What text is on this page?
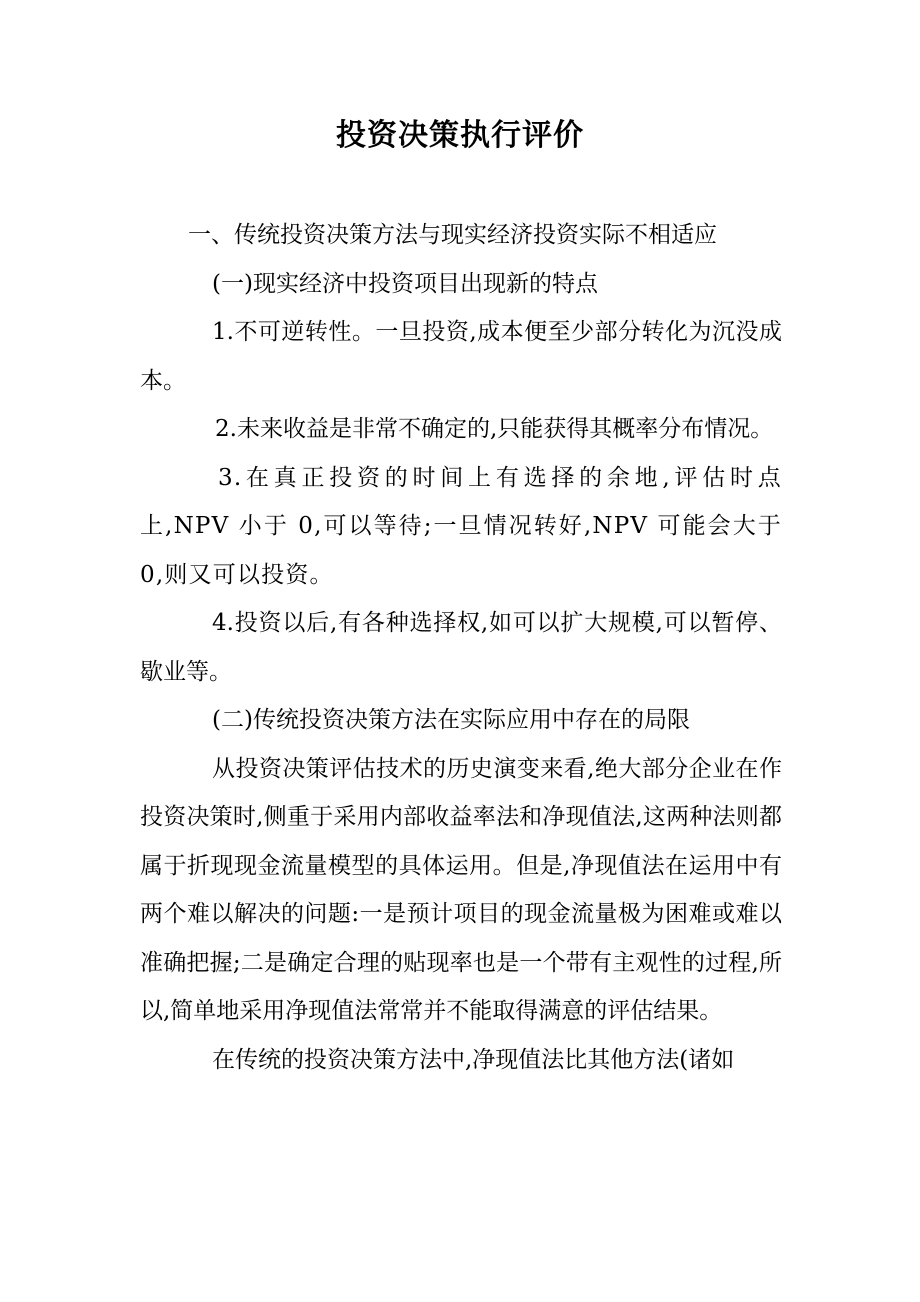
投资决策执行评价

一、传统投资决策方法与现实经济投资实际不相适应

(一)现实经济中投资项目出现新的特点

1.不可逆转性。一旦投资,成本便至少部分转化为沉没成本。

2.未来收益是非常不确定的,只能获得其概率分布情况。

3.在真正投资的时间上有选择的余地,评估时点上,NPV 小于 0,可以等待;一旦情况转好,NPV 可能会大于 0,则又可以投资。

4.投资以后,有各种选择权,如可以扩大规模,可以暂停、歇业等。

(二)传统投资决策方法在实际应用中存在的局限

从投资决策评估技术的历史演变来看,绝大部分企业在作投资决策时,侧重于采用内部收益率法和净现值法,这两种法则都属于折现现金流量模型的具体运用。但是,净现值法在运用中有两个难以解决的问题:一是预计项目的现金流量极为困难或难以准确把握;二是确定合理的贴现率也是一个带有主观性的过程,所以,简单地采用净现值法常常并不能取得满意的评估结果。

在传统的投资决策方法中,净现值法比其他方法(诸如
